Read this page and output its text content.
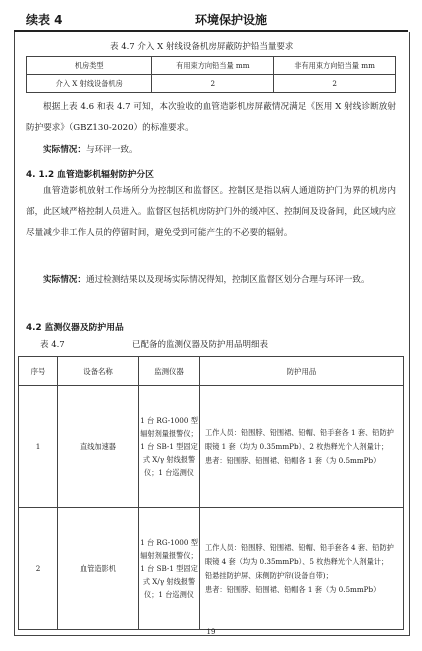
续表 4	环境保护设施
表 4.7 介入 X 射线设备机房屏蔽防护铅当量要求
机房类型	有用束方向铅当量 mm	非有用束方向铅当量 mm
介入 X 射线设备机房	2	2
根据上表 4.6 和表 4.7 可知，本次验收的血管造影机房屏蔽情况满足《医用 X 射线诊断放射防护要求》（GBZ130-2020）的标准要求。
实际情况：与环评一致。
4. 1.2 血管造影机辐射防护分区
血管造影机放射工作场所分为控制区和监督区。控制区是指以病人通道防护门为界的机房内部，此区域严格控制人员进入。监督区包括机房防护门外的缓冲区、控制间及设备间，此区域内应尽量减少非工作人员的停留时间，避免受到可能产生的不必要的辐射。
实际情况：通过检测结果以及现场实际情况得知，控制区监督区划分合理与环评一致。
4.2 监测仪器及防护用品
表 4.7	已配备的监测仪器及防护用品明细表
序号	设备名称	监测仪器	防护用品
1	直线加速器	1 台 RG-1000 型辐射剂量报警仪；1 台 SB-1 型固定式 X/γ 射线报警仪；1 台巡测仪	工作人员：铅围脖、铅围裙、铅帽、铅手套各 1 套、铅防护眼镜 1 套（均为 0.35mmPb）、2 枚热释光个人剂量计；
患者：铅围脖、铅围裙、铅帽各 1 套（为 0.5mmPb）

2	血管造影机	1 台 RG-1000 型辐射剂量报警仪；1 台 SB-1 型固定式 X/γ 射线报警仪；1 台巡测仪	工作人员：铅围脖、铅围裙、铅帽、铅手套各 4 套、铅防护眼镜 4 套（均为 0.35mmPb）、5 枚热释光个人剂量计；
铅悬挂防护屏、床侧防护帘(设备自带)；
患者：铅围脖、铅围裙、铅帽各 1 套（为 0.5mmPb）
19
